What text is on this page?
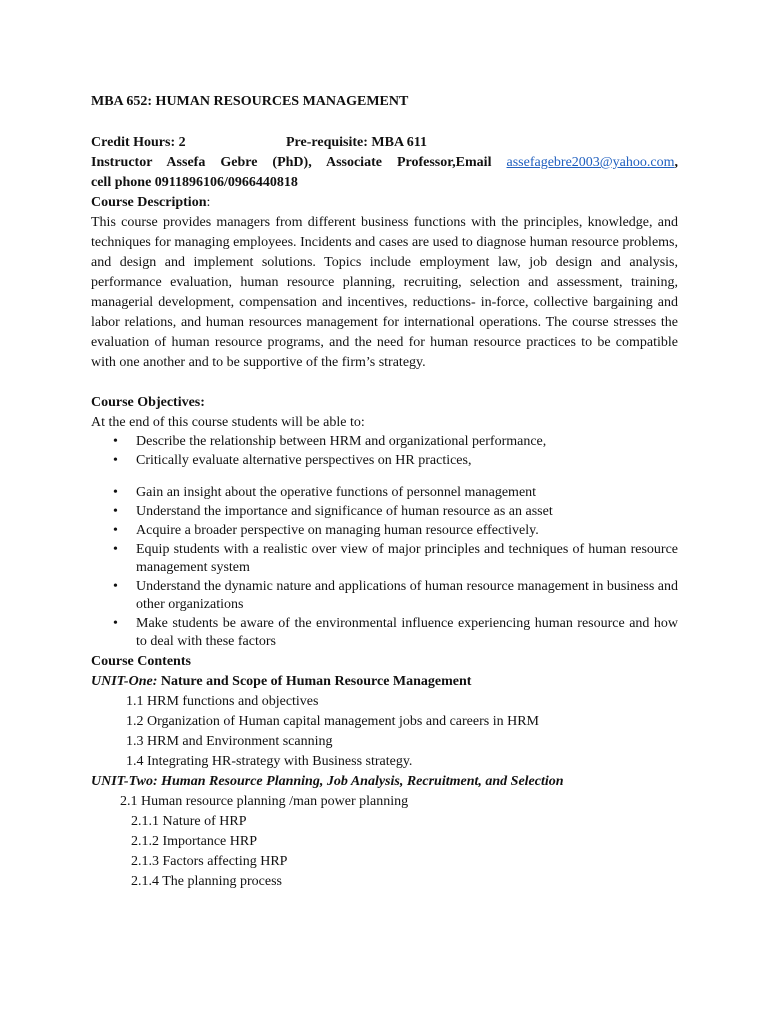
MBA 652: HUMAN RESOURCES MANAGEMENT
Credit Hours: 2	Pre-requisite: MBA 611
Instructor Assefa Gebre (PhD), Associate Professor,Email assefagebre2003@yahoo.com,
cell phone 0911896106/0966440818
Course Description:

This course provides managers from different business functions with the principles, knowledge, and techniques for managing employees. Incidents and cases are used to diagnose human resource problems, and design and implement solutions. Topics include employment law, job design and analysis, performance evaluation, human resource planning, recruiting, selection and assessment, training, managerial development, compensation and incentives, reductions- in-force, collective bargaining and labor relations, and human resources management for international operations. The course stresses the evaluation of human resource programs, and the need for human resource practices to be compatible with one another and to be supportive of the firm’s strategy.

Course Objectives:
At the end of this course students will be able to:
• Describe the relationship between HRM and organizational performance,
• Critically evaluate alternative perspectives on HR practices,
• Gain an insight about the operative functions of personnel management
• Understand the importance and significance of human resource as an asset
• Acquire a broader perspective on managing human resource effectively.
• Equip students with a realistic over view of major principles and techniques of human resource management system
• Understand the dynamic nature and applications of human resource management in business and other organizations
• Make students be aware of the environmental influence experiencing human resource and how to deal with these factors
Course Contents
UNIT-One: Nature and Scope of Human Resource Management
1.1 HRM functions and objectives
1.2 Organization of Human capital management jobs and careers in HRM
1.3 HRM and Environment scanning
1.4 Integrating HR-strategy with Business strategy.
UNIT-Two: Human Resource Planning, Job Analysis, Recruitment, and Selection
2.1 Human resource planning /man power planning
2.1.1 Nature of HRP
2.1.2 Importance HRP
2.1.3 Factors affecting HRP
2.1.4 The planning process
